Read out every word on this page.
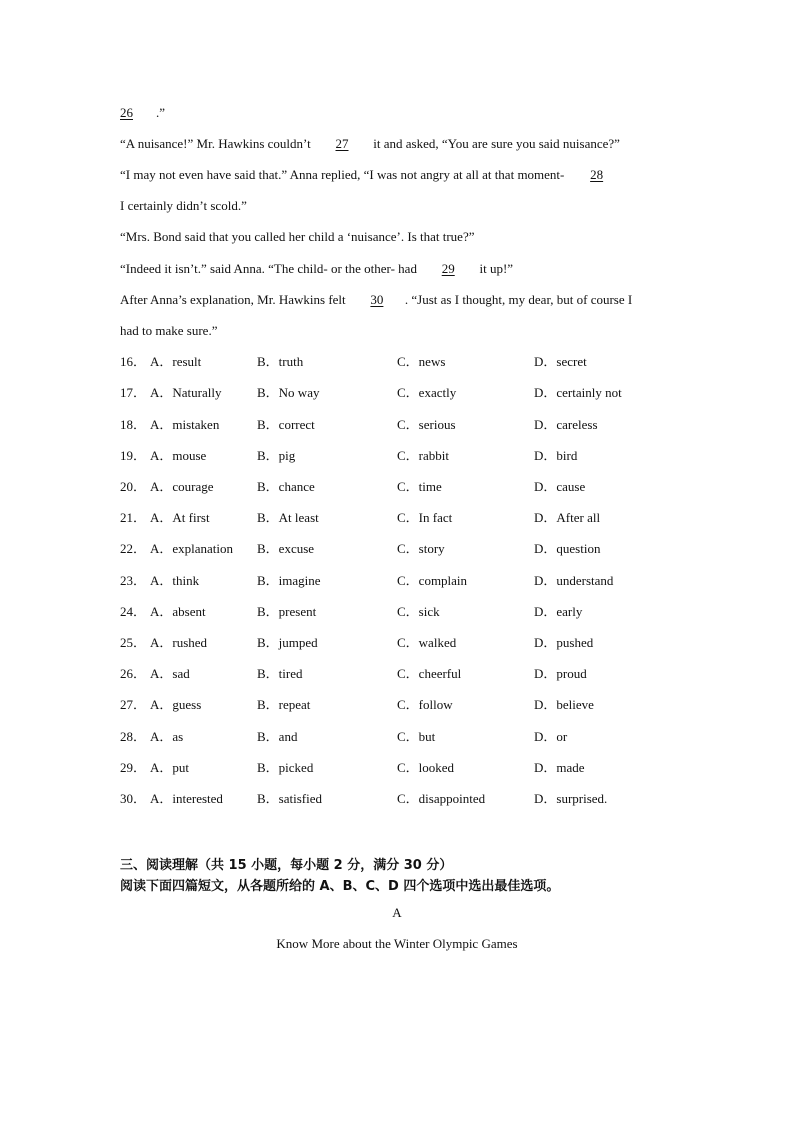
26 .”
“A nuisance!” Mr. Hawkins couldn’t 27 it and asked, “You are sure you said nuisance?”
“I may not even have said that.” Anna replied, “I was not angry at all at that moment- 28
I certainly didn’t scold.”
“Mrs. Bond said that you called her child a ‘nuisance’. Is that true?”
“Indeed it isn’t.” said Anna. “The child- or the other- had 29 it up!”
After Anna’s explanation, Mr. Hawkins felt 30 . “Just as I thought, my dear, but of course I
had to make sure.”
16． A．result	B．truth	C．news	D．secret
17． A．Naturally	B．No way	C．exactly	D．certainly not
18． A．mistaken	B．correct	C．serious	D．careless
19． A．mouse	B．pig	C．rabbit	D．bird
20． A．courage	B．chance	C．time	D．cause
21． A．At first	B．At least	C．In fact	D．After all
22． A．explanation B．excuse	C．story	D．question
23． A．think	B．imagine	C．complain	D．understand
24． A．absent	B．present	C．sick	D．early
25． A．rushed	B．jumped	C．walked	D．pushed
26． A．sad	B．tired	C．cheerful	D．proud
27． A．guess	B．repeat	C．follow	D．believe
28． A．as	B．and	C．but	D．or
29． A．put	B．picked	C．looked	D．made
30． A．interested	B．satisfied	C．disappointed	D．surprised.
三、阅读理解（共 15 小题，每小题 2 分，满分 30 分）
阅读下面四篇短文，从各题所给的 A、B、C、D 四个选项中选出最佳选项。
A
Know More about the Winter Olympic Games
